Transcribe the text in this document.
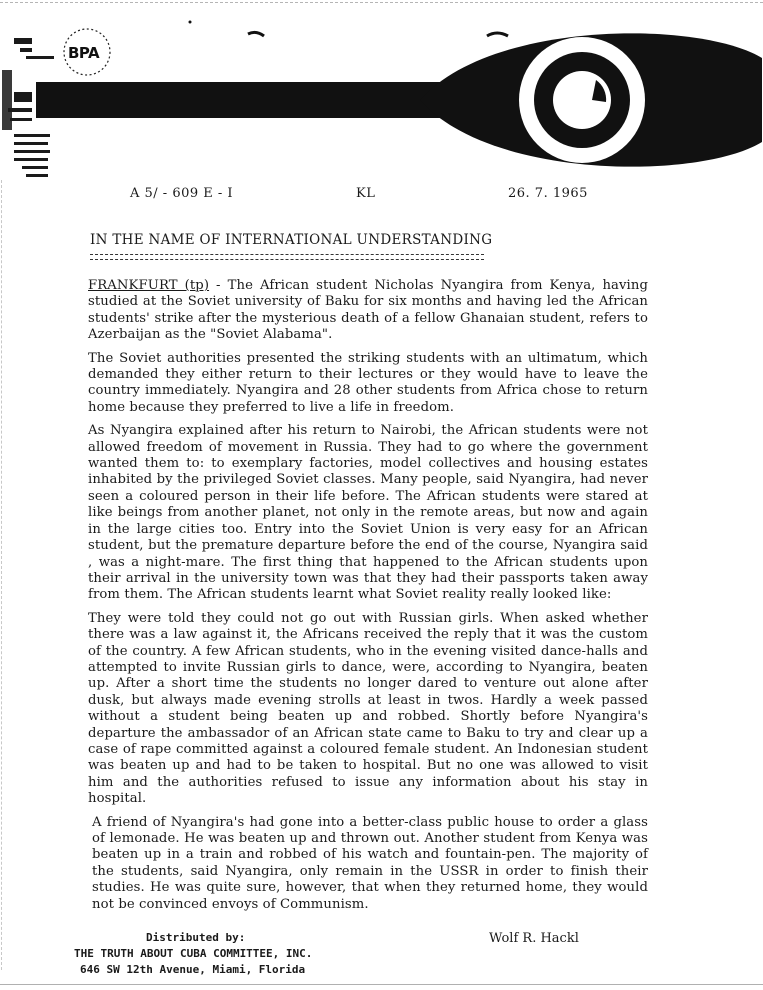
BPA
A 5/ - 609 E - I	KL	26. 7. 1965
IN THE NAME OF INTERNATIONAL UNDERSTANDING

FRANKFURT (tp) - The African student Nicholas Nyangira from Kenya, having studied at the Soviet university of Baku for six months and having led the African students' strike after the mysterious death of a fellow Ghanaian student, refers to Azerbaijan as the "Soviet Alabama".

The Soviet authorities presented the striking students with an ultimatum, which demanded they either return to their lectures or they would have to leave the country immediately. Nyangira and 28 other students from Africa chose to return home because they preferred to live a life in freedom.

As Nyangira explained after his return to Nairobi, the African students were not allowed freedom of movement in Russia. They had to go where the government wanted them to: to exemplary factories, model collectives and housing estates inhabited by the privileged Soviet classes. Many people, said Nyangira, had never seen a coloured person in their life before. The African students were stared at like beings from another planet, not only in the remote areas, but now and again in the large cities too. Entry into the Soviet Union is very easy for an African student, but the premature departure before the end of the course, Nyangira said , was a night-mare. The first thing that happened to the African students upon their arrival in the university town was that they had their passports taken away from them. The African students learnt what Soviet reality really looked like:

They were told they could not go out with Russian girls. When asked whether there was a law against it, the Africans received the reply that it was the custom of the country. A few African students, who in the evening visited dance-halls and attempted to invite Russian girls to dance, were, according to Nyangira, beaten up. After a short time the students no longer dared to venture out alone after dusk, but always made evening strolls at least in twos. Hardly a week passed without a student being beaten up and robbed. Shortly before Nyangira's departure the ambassador of an African state came to Baku to try and clear up a case of rape committed against a coloured female student. An Indonesian student was beaten up and had to be taken to hospital. But no one was allowed to visit him and the authorities refused to issue any information about his stay in hospital.

A friend of Nyangira's had gone into a better-class public house to order a glass of lemonade. He was beaten up and thrown out. Another student from Kenya was beaten up in a train and robbed of his watch and fountain-pen. The majority of the students, said Nyangira, only remain in the USSR in order to finish their studies. He was quite sure, however, that when they returned home, they would not be convinced envoys of Communism.

Distributed by:
THE TRUTH ABOUT CUBA COMMITTEE, INC.
646 SW 12th Avenue, Miami, Florida
Wolf R. Hackl
